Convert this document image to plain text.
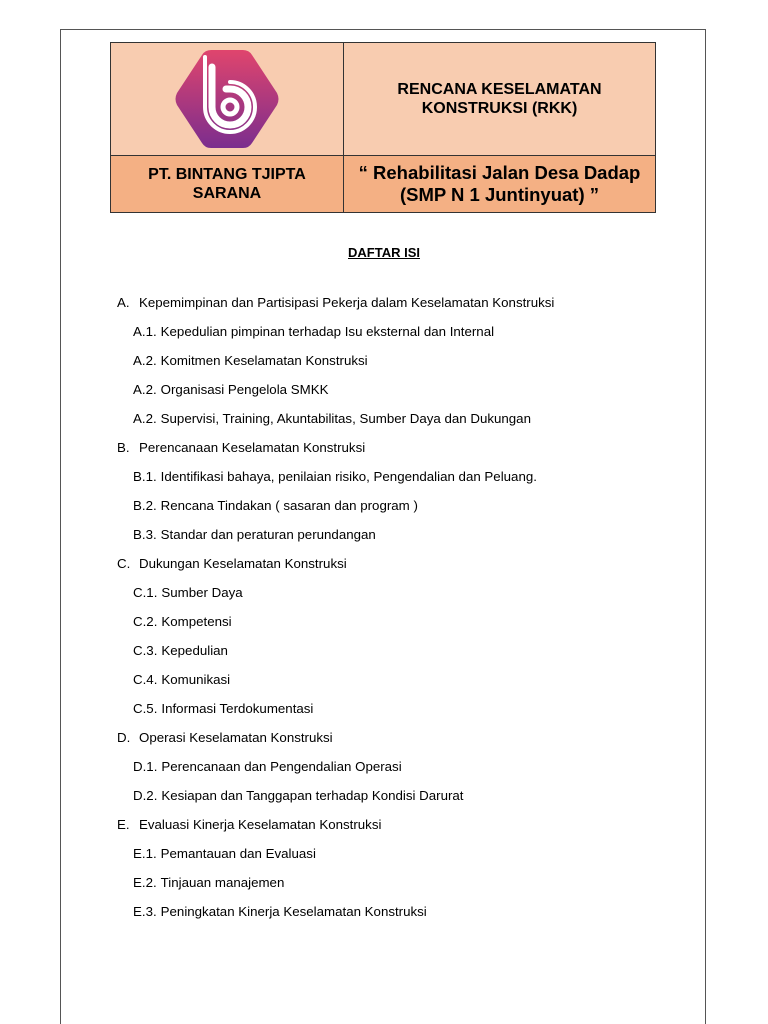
RENCANA KESELAMATAN
KONSTRUKSI (RKK)

PT. BINTANG TJIPTA
SARANA	“ Rehabilitasi Jalan Desa Dadap
(SMP N 1 Juntinyuat) ”
DAFTAR ISI
A. Kepemimpinan dan Partisipasi Pekerja dalam Keselamatan Konstruksi
A.1. Kepedulian pimpinan terhadap Isu eksternal dan Internal
A.2. Komitmen Keselamatan Konstruksi
A.2. Organisasi Pengelola SMKK
A.2. Supervisi, Training, Akuntabilitas, Sumber Daya dan Dukungan
B. Perencanaan Keselamatan Konstruksi
B.1. Identifikasi bahaya, penilaian risiko, Pengendalian dan Peluang.
B.2. Rencana Tindakan ( sasaran dan program )
B.3. Standar dan peraturan perundangan
C. Dukungan Keselamatan Konstruksi
C.1. Sumber Daya
C.2. Kompetensi
C.3. Kepedulian
C.4. Komunikasi
C.5. Informasi Terdokumentasi
D. Operasi Keselamatan Konstruksi
D.1. Perencanaan dan Pengendalian Operasi
D.2. Kesiapan dan Tanggapan terhadap Kondisi Darurat
E. Evaluasi Kinerja Keselamatan Konstruksi
E.1. Pemantauan dan Evaluasi
E.2. Tinjauan manajemen
E.3. Peningkatan Kinerja Keselamatan Konstruksi
